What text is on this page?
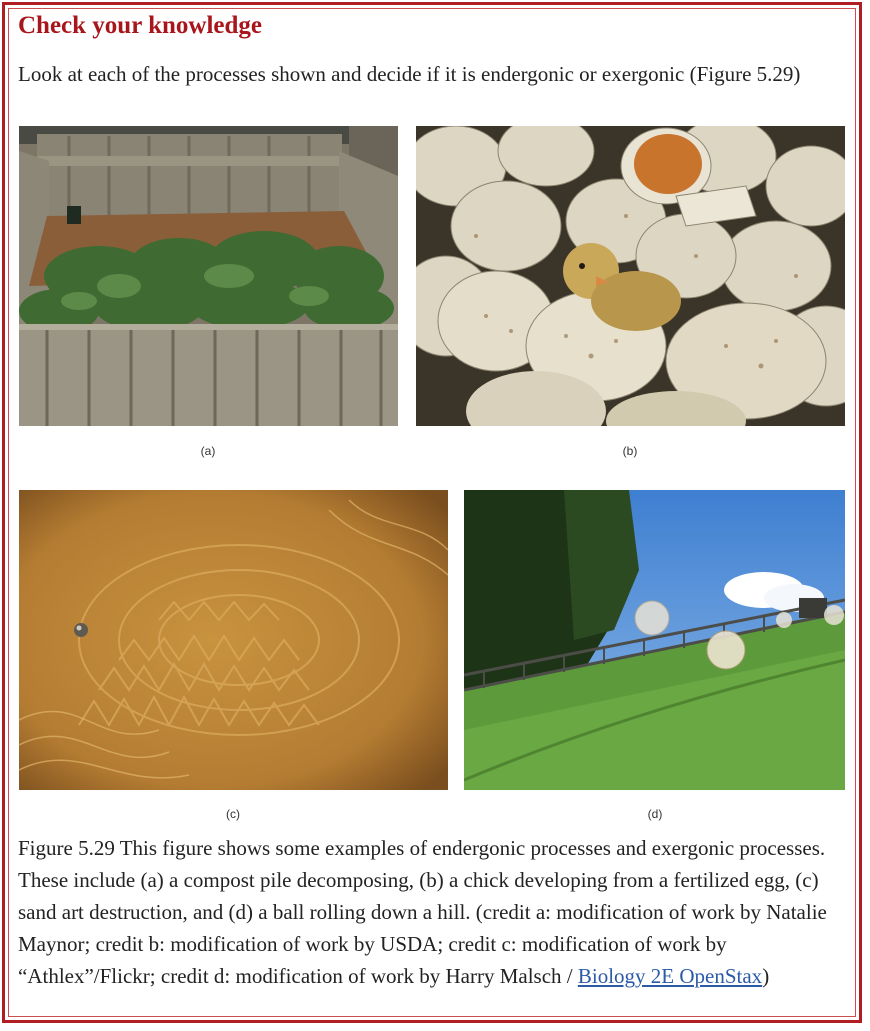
Check your knowledge

Look at each of the processes shown and decide if it is endergonic or exergonic (Figure 5.29)

(a)	(b)
(c)	(d)

Figure 5.29 This figure shows some examples of endergonic processes and exergonic processes. These include (a) a compost pile decomposing, (b) a chick developing from a fertilized egg, (c) sand art destruction, and (d) a ball rolling down a hill. (credit a: modification of work by Natalie Maynor; credit b: modification of work by USDA; credit c: modification of work by “Athlex”/Flickr; credit d: modification of work by Harry Malsch / Biology 2E OpenStax)
